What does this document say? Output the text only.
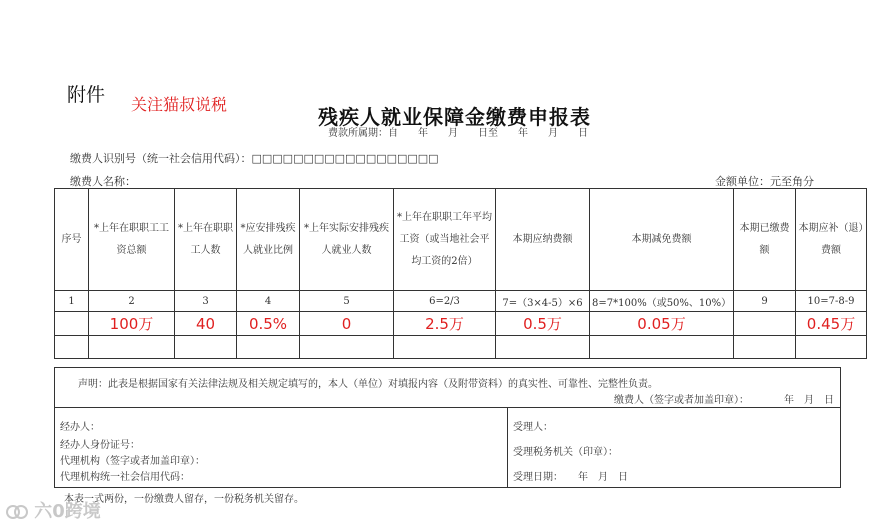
附件 关注猫叔说税
残疾人就业保障金缴费申报表
费款所属期：自　　年　　月　　日至　　年　　月　　日
缴费人识别号（统一社会信用代码）：□□□□□□□□□□□□□□□□□□
缴费人名称：	金额单位：元至角分
序号	*上年在职职工工资总额	*上年在职职工人数	*应安排残疾人就业比例	*上年实际安排残疾人就业人数	*上年在职职工年平均工资（或当地社会平均工资的2倍）	本期应纳费额	本期减免费额	本期已缴费额	本期应补（退）费额
1	2	3	4	5	6=2/3	7=（3×4-5）×6	8=7*100%（或50%、10%）	9	10=7-8-9
	100万	40	0.5%	0	2.5万	0.5万	0.05万		0.45万

声明：此表是根据国家有关法律法规及相关规定填写的，本人（单位）对填报内容（及附带资料）的真实性、可靠性、完整性负责。
缴费人（签字或者加盖印章）：	年　月　日
经办人：
经办人身份证号：
代理机构（签字或者加盖印章）：
代理机构统一社会信用代码：
受理人：
受理税务机关（印章）：
受理日期：　　年　月　日
本表一式两份，一份缴费人留存，一份税务机关留存。
六0跨境
